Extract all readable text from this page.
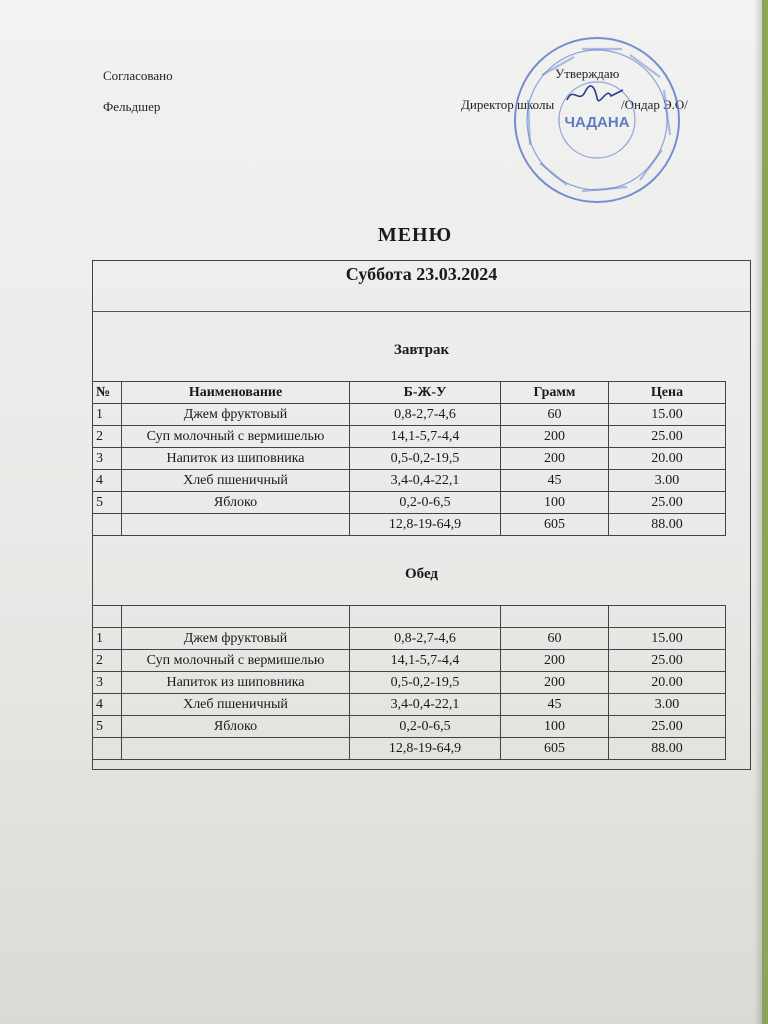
Согласовано
Фельдшер
Утверждаю
Директор школы	/Ондар Э.О/
ЧАДАНА
МЕНЮ
Суббота 23.03.2024
Завтрак
№	Наименование	Б-Ж-У	Грамм	Цена
1	Джем фруктовый	0,8-2,7-4,6	60	15.00
2	Суп молочный с вермишелью	14,1-5,7-4,4	200	25.00
3	Напиток из шиповника	0,5-0,2-19,5	200	20.00
4	Хлеб пшеничный	3,4-0,4-22,1	45	3.00
5	Яблоко	0,2-0-6,5	100	25.00
		12,8-19-64,9	605	88.00
Обед

1	Джем фруктовый	0,8-2,7-4,6	60	15.00
2	Суп молочный с вермишелью	14,1-5,7-4,4	200	25.00
3	Напиток из шиповника	0,5-0,2-19,5	200	20.00
4	Хлеб пшеничный	3,4-0,4-22,1	45	3.00
5	Яблоко	0,2-0-6,5	100	25.00
		12,8-19-64,9	605	88.00
